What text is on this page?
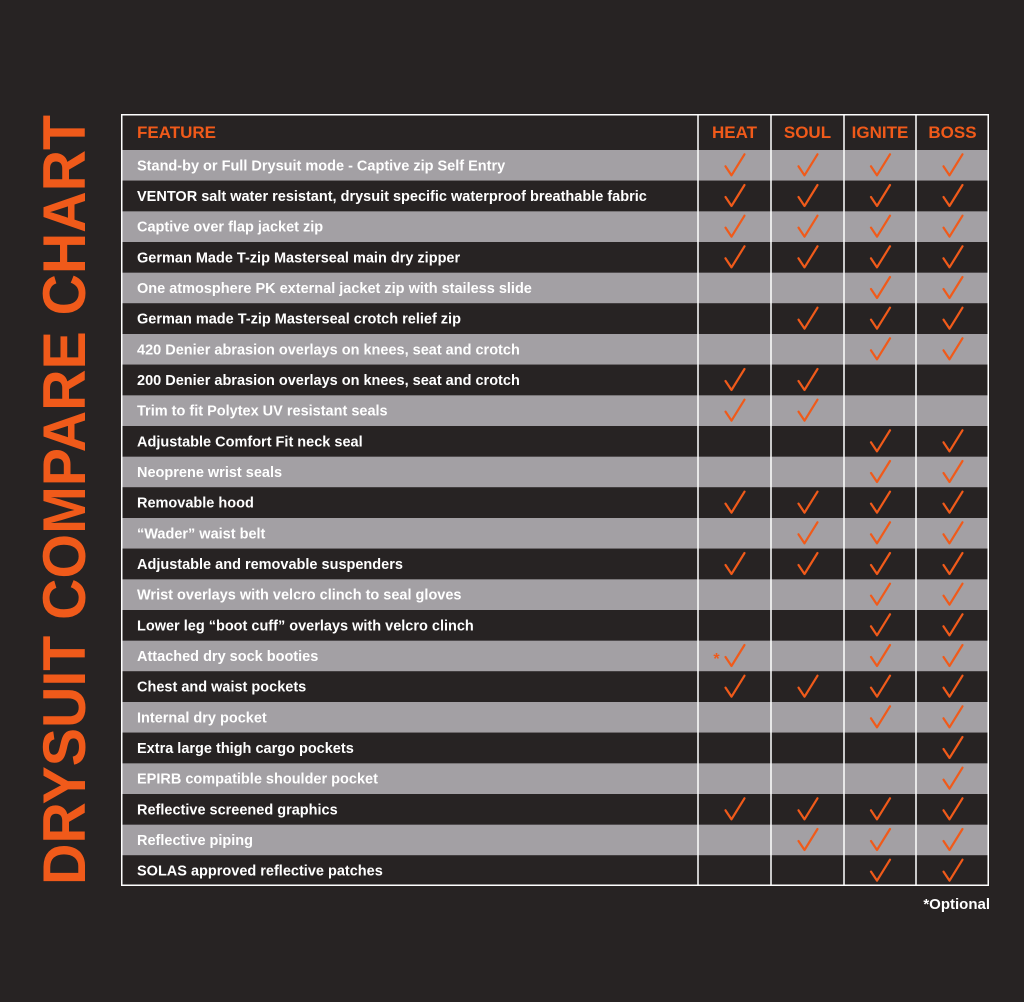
DRYSUIT COMPARE CHART FEATURE	HEAT SOUL IGNITE BOSS
Stand-by or Full Drysuit mode - Captive zip Self Entry
VENTOR salt water resistant, drysuit specific waterproof breathable fabric
Captive over flap jacket zip
German Made T-zip Masterseal main dry zipper
One atmosphere PK external jacket zip with stailess slide
German made T-zip Masterseal crotch relief zip
420 Denier abrasion overlays on knees, seat and crotch
200 Denier abrasion overlays on knees, seat and crotch
Trim to fit Polytex UV resistant seals
Adjustable Comfort Fit neck seal
Neoprene wrist seals
Removable hood
“Wader” waist belt
Adjustable and removable suspenders
Wrist overlays with velcro clinch to seal gloves
Lower leg “boot cuff” overlays with velcro clinch
Attached dry sock booties	*
Chest and waist pockets
Internal dry pocket
Extra large thigh cargo pockets
EPIRB compatible shoulder pocket
Reflective screened graphics
Reflective piping
SOLAS approved reflective patches
*Optional
